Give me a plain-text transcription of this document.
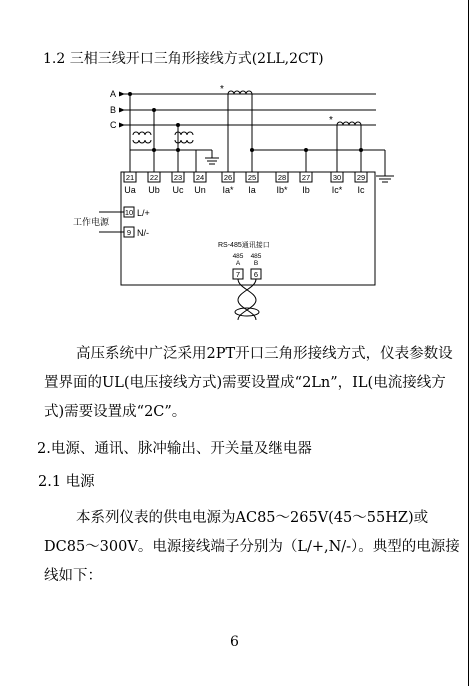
1.2 三相三线开口三角形接线方式(2LL,2CT)
A
B
C
*
*
21
Ua
22
Ub
23
Uc
24
Un
26
Ia*
25
Ia
28
Ib*
27
Ib
30
Ic*
29
Ic
10 L/+
9 N/-
工作电源
RS-485通讯接口
485
A
7
485
B
6
高压系统中广泛采用2PT开口三角形接线方式，仪表参数设置界面的UL(电压接线方式)需要设置成“2Ln”，IL(电流接线方式)需要设置成“2C”。
2.电源、通讯、脉冲输出、开关量及继电器
2.1 电源
本系列仪表的供电电源为AC85～265V(45～55HZ)或DC85～300V。电源接线端子分别为（L/+,N/-）。典型的电源接线如下：
6
